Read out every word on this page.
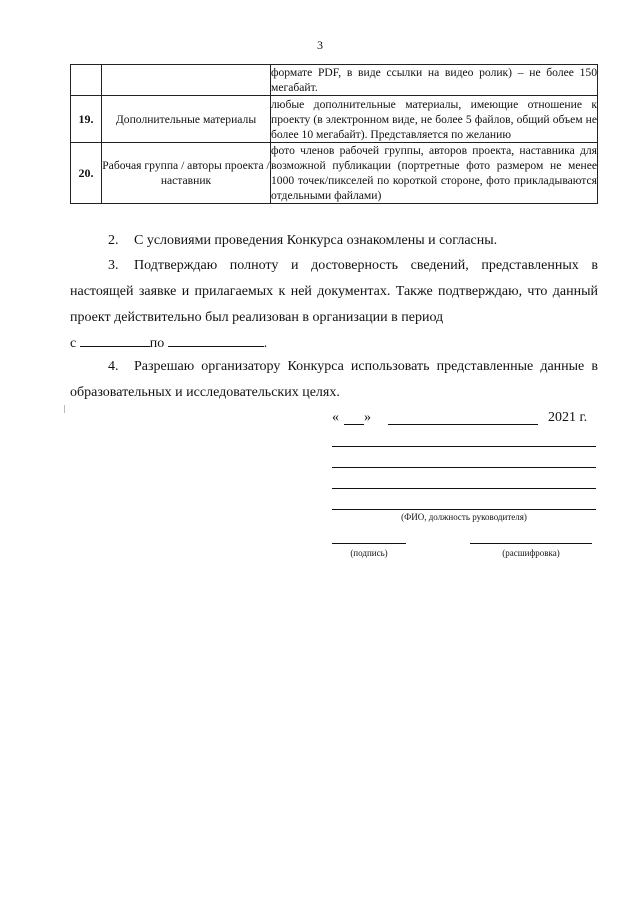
3
		формате PDF, в виде ссылки на видео ролик) – не более 150 мегабайт.
19.	Дополнительные материалы	любые дополнительные материалы, имеющие отношение к проекту (в электронном виде, не более 5 файлов, общий объем не более 10 мегабайт). Представляется по желанию
20.	Рабочая группа / авторы проекта / наставник	фото членов рабочей группы, авторов проекта, наставника для возможной публикации (портретные фото размером не менее 1000 точек/пикселей по короткой стороне, фото прикладываются отдельными файлами)
2. С условиями проведения Конкурса ознакомлены и согласны.
3. Подтверждаю полноту и достоверность сведений, представленных в настоящей заявке и прилагаемых к ней документах. Также подтверждаю, что данный проект действительно был реализован в организации в период
с	по	.
4. Разрешаю организатору Конкурса использовать представленные данные в образовательных и исследовательских целях.
« »	2021 г.
(ФИО, должность руководителя)
(подпись)	(расшифровка)
